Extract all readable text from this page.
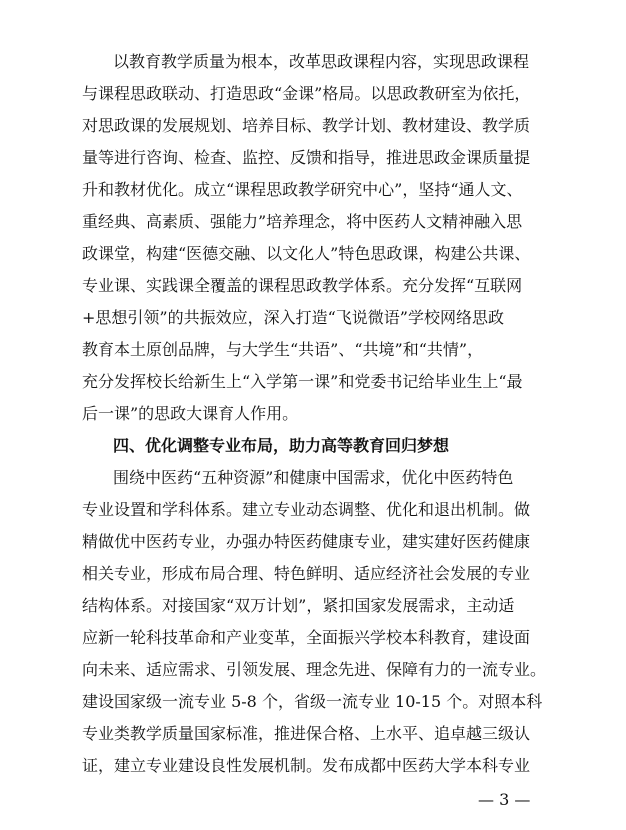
以教育教学质量为根本，改革思政课程内容，实现思政课程
与课程思政联动、打造思政“金课”格局。以思政教研室为依托，
对思政课的发展规划、培养目标、教学计划、教材建设、教学质
量等进行咨询、检查、监控、反馈和指导，推进思政金课质量提
升和教材优化。成立“课程思政教学研究中心”，坚持“通人文、
重经典、高素质、强能力”培养理念，将中医药人文精神融入思
政课堂，构建“医德交融、以文化人”特色思政课，构建公共课、
专业课、实践课全覆盖的课程思政教学体系。充分发挥“互联网
+思想引领”的共振效应，深入打造“飞说微语”学校网络思政
教育本土原创品牌，与大学生“共语”、“共境”和“共情”，
充分发挥校长给新生上“入学第一课”和党委书记给毕业生上“最
后一课”的思政大课育人作用。
四、优化调整专业布局，助力高等教育回归梦想
围绕中医药“五种资源”和健康中国需求，优化中医药特色
专业设置和学科体系。建立专业动态调整、优化和退出机制。做
精做优中医药专业，办强办特医药健康专业，建实建好医药健康
相关专业，形成布局合理、特色鲜明、适应经济社会发展的专业
结构体系。对接国家“双万计划”，紧扣国家发展需求，主动适
应新一轮科技革命和产业变革，全面振兴学校本科教育，建设面
向未来、适应需求、引领发展、理念先进、保障有力的一流专业。
建设国家级一流专业 5-8 个，省级一流专业 10-15 个。对照本科
专业类教学质量国家标准，推进保合格、上水平、追卓越三级认
证，建立专业建设良性发展机制。发布成都中医药大学本科专业
— 3 —
